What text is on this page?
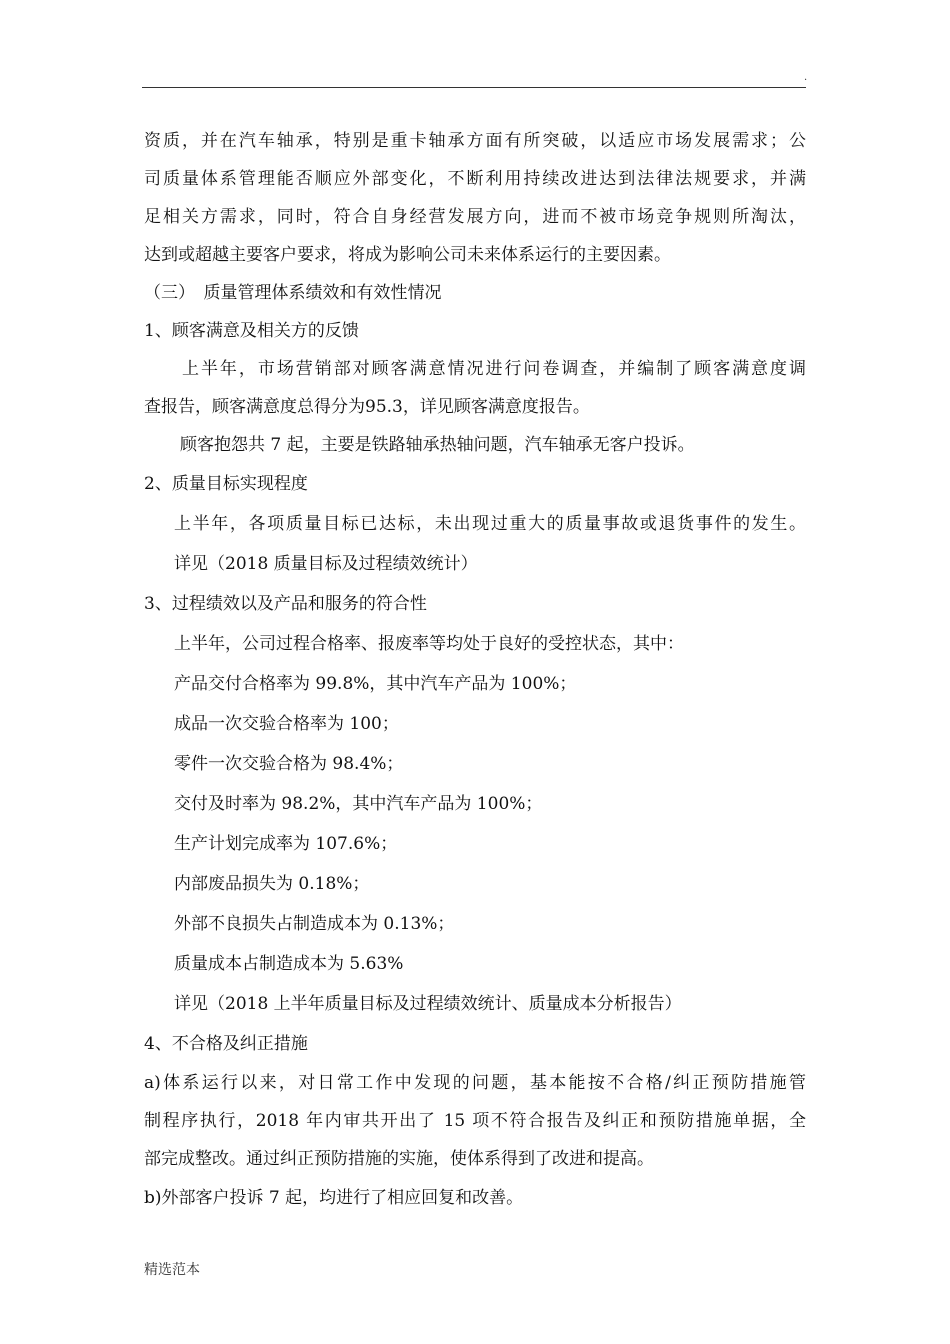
.

资质，并在汽车轴承，特别是重卡轴承方面有所突破，以适应市场发展需求；公

司质量体系管理能否顺应外部变化，不断利用持续改进达到法律法规要求，并满

足相关方需求，同时，符合自身经营发展方向，进而不被市场竞争规则所淘汰，

达到或超越主要客户要求，将成为影响公司未来体系运行的主要因素。

（三）　质量管理体系绩效和有效性情况

1、顾客满意及相关方的反馈

上半年，市场营销部对顾客满意情况进行问卷调查，并编制了顾客满意度调

查报告，顾客满意度总得分为95.3，详见顾客满意度报告。

顾客抱怨共 7 起，主要是铁路轴承热轴问题，汽车轴承无客户投诉。

2、质量目标实现程度

上半年，各项质量目标已达标，未出现过重大的质量事故或退货事件的发生。

详见（2018 质量目标及过程绩效统计）

3、过程绩效以及产品和服务的符合性

上半年，公司过程合格率、报废率等均处于良好的受控状态，其中：

产品交付合格率为 99.8%，其中汽车产品为 100%；

成品一次交验合格率为 100；

零件一次交验合格为 98.4%；

交付及时率为 98.2%，其中汽车产品为 100%；

生产计划完成率为 107.6%；

内部废品损失为 0.18%；

外部不良损失占制造成本为 0.13%；

质量成本占制造成本为 5.63%

详见（2018 上半年质量目标及过程绩效统计、质量成本分析报告）

4、不合格及纠正措施

a)体系运行以来，对日常工作中发现的问题，基本能按不合格/纠正预防措施管

制程序执行，2018 年内审共开出了 15 项不符合报告及纠正和预防措施单据，全

部完成整改。通过纠正预防措施的实施，使体系得到了改进和提高。

b)外部客户投诉 7 起，均进行了相应回复和改善。

精选范本
